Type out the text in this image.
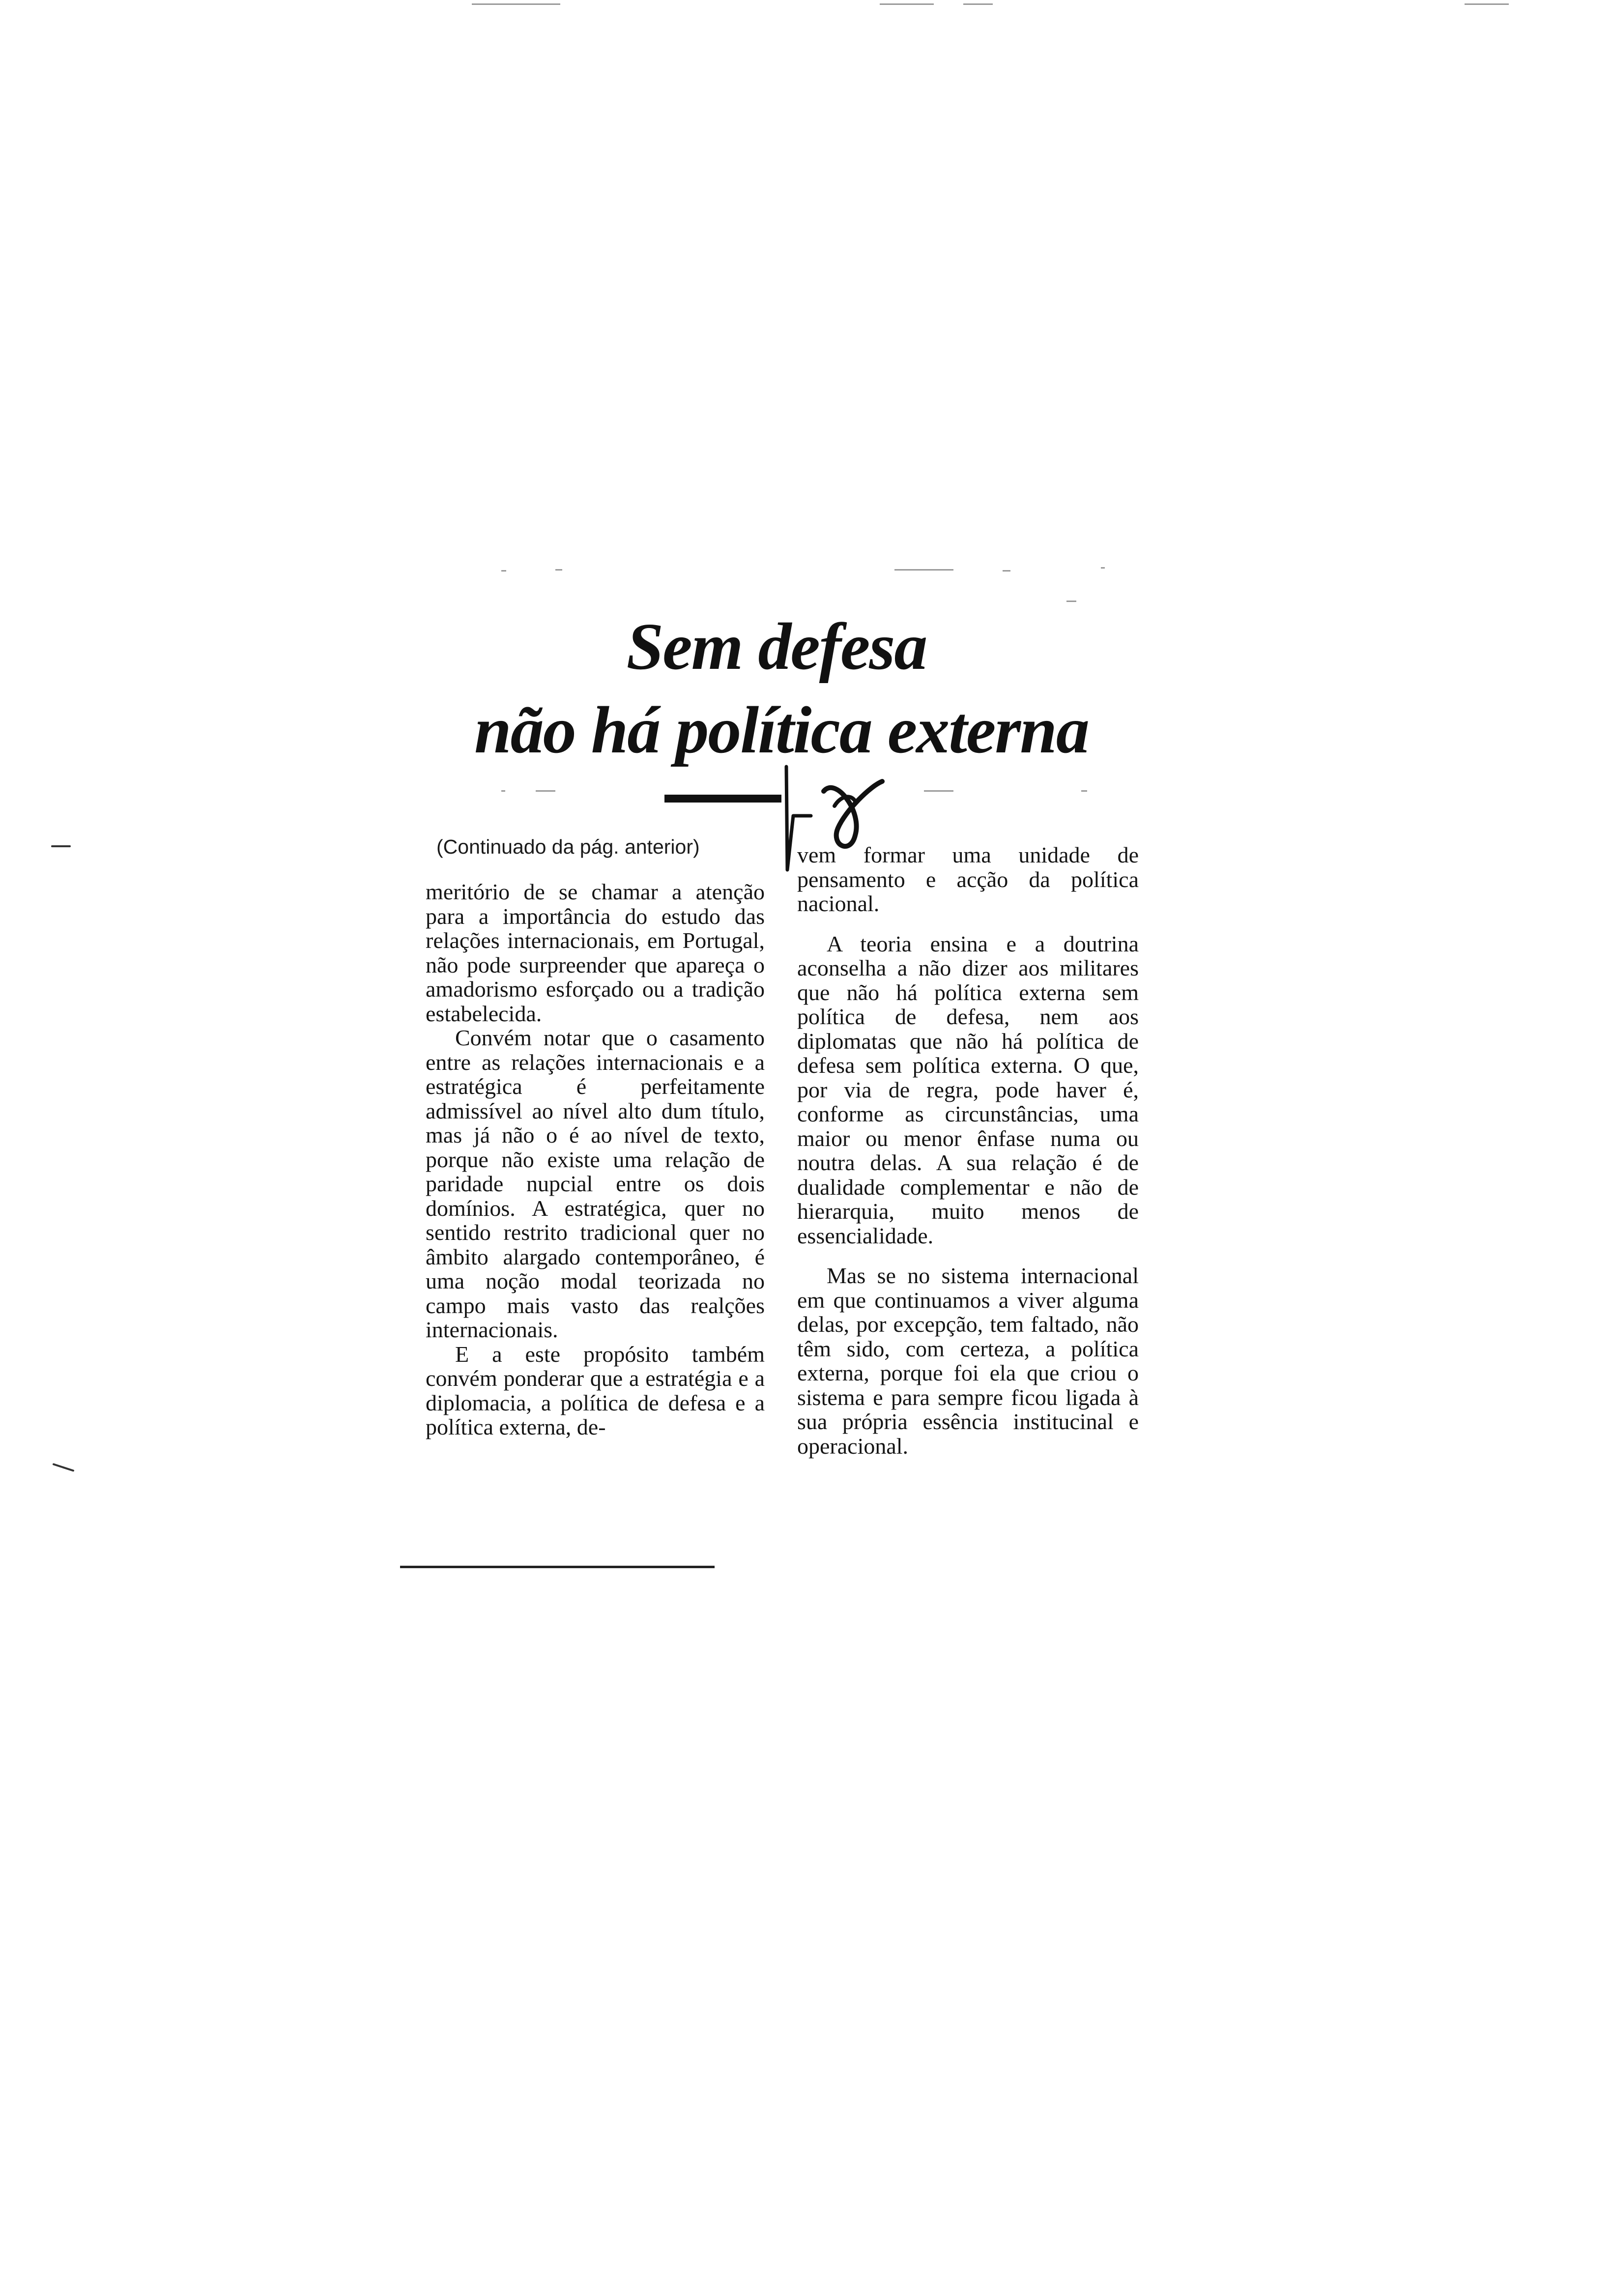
Sem defesa
não há política externa
(Continuado da pág. anterior)

meritório de se chamar a atenção para a importância do estudo das relações internacionais, em Portugal, não pode surpreender que apareça o amadorismo esforçado ou a tradição estabelecida.

Convém notar que o casamento entre as relações internacionais e a estratégica é perfeitamente admissível ao nível alto dum título, mas já não o é ao nível de texto, porque não existe uma relação de paridade nupcial entre os dois domínios. A estratégica, quer no sentido restrito tradicional quer no âmbito alargado contemporâneo, é uma noção modal teorizada no campo mais vasto das realções internacionais.

E a este propósito também convém ponderar que a estratégia e a diplomacia, a política de defesa e a política externa, de-

vem formar uma unidade de pensamento e acção da política nacional.

A teoria ensina e a doutrina aconselha a não dizer aos militares que não há política externa sem política de defesa, nem aos diplomatas que não há política de defesa sem política externa. O que, por via de regra, pode haver é, conforme as circunstâncias, uma maior ou menor ênfase numa ou noutra delas. A sua relação é de dualidade complementar e não de hierarquia, muito menos de essencialidade.

Mas se no sistema internacional em que continuamos a viver alguma delas, por excepção, tem faltado, não têm sido, com certeza, a política externa, porque foi ela que criou o sistema e para sempre ficou ligada à sua própria essência institucinal e operacional.
